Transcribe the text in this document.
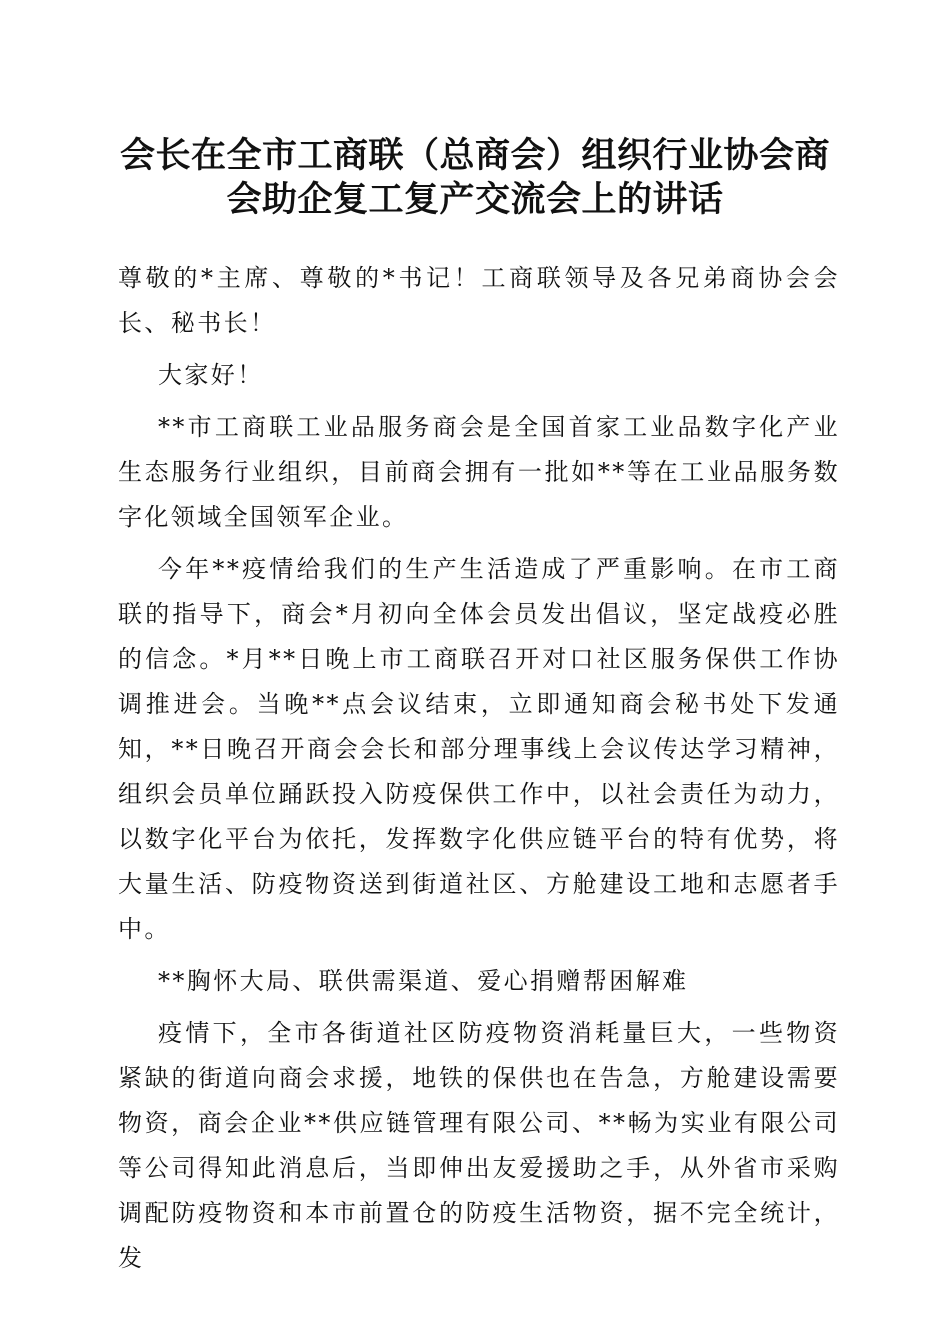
会长在全市工商联（总商会）组织行业协会商
会助企复工复产交流会上的讲话

尊敬的*主席、尊敬的*书记！工商联领导及各兄弟商协会会长、秘书长！

大家好！

**市工商联工业品服务商会是全国首家工业品数字化产业生态服务行业组织，目前商会拥有一批如**等在工业品服务数字化领域全国领军企业。

今年**疫情给我们的生产生活造成了严重影响。在市工商联的指导下，商会*月初向全体会员发出倡议，坚定战疫必胜的信念。*月**日晚上市工商联召开对口社区服务保供工作协调推进会。当晚**点会议结束，立即通知商会秘书处下发通知，**日晚召开商会会长和部分理事线上会议传达学习精神，组织会员单位踊跃投入防疫保供工作中，以社会责任为动力，以数字化平台为依托，发挥数字化供应链平台的特有优势，将大量生活、防疫物资送到街道社区、方舱建设工地和志愿者手中。

**胸怀大局、联供需渠道、爱心捐赠帮困解难

疫情下，全市各街道社区防疫物资消耗量巨大，一些物资紧缺的街道向商会求援，地铁的保供也在告急，方舱建设需要物资，商会企业**供应链管理有限公司、**畅为实业有限公司等公司得知此消息后，当即伸出友爱援助之手，从外省市采购调配防疫物资和本市前置仓的防疫生活物资，据不完全统计，发
